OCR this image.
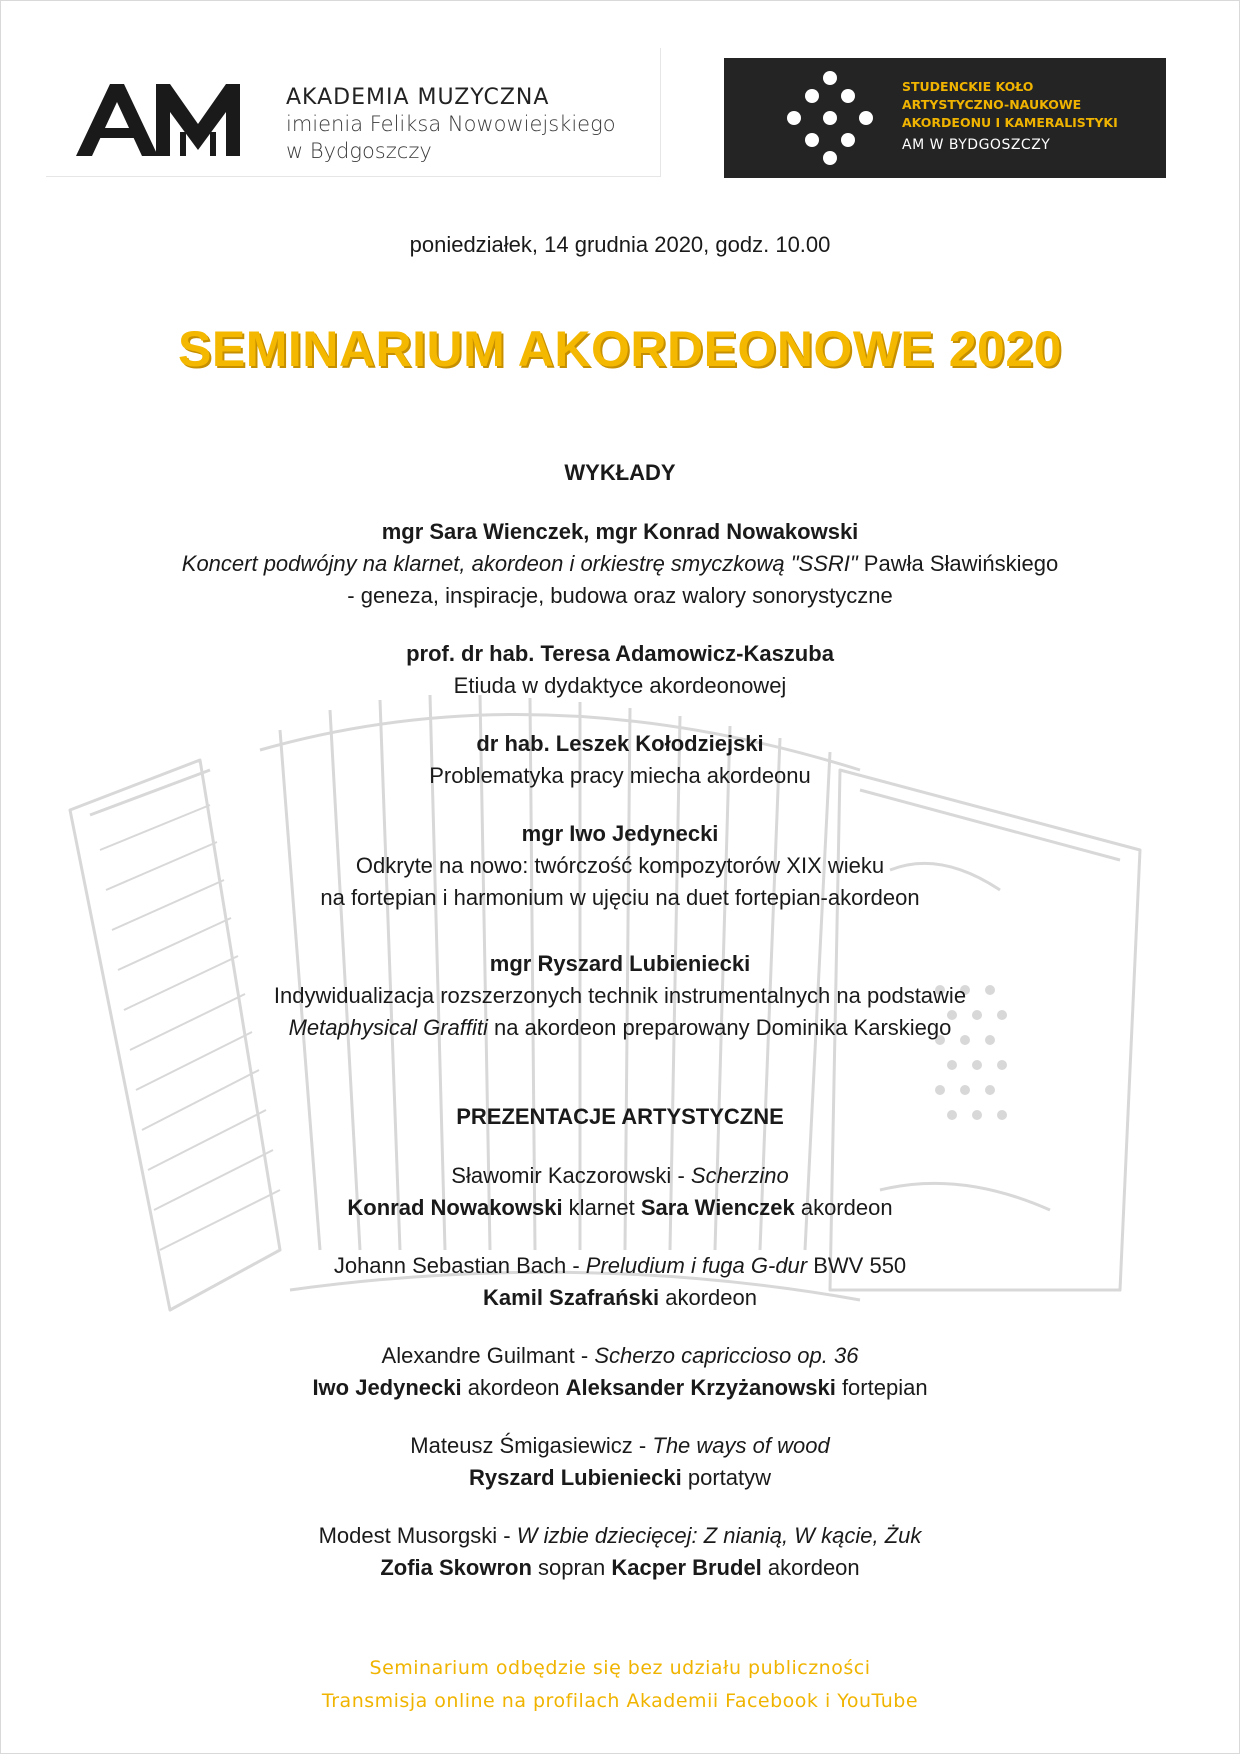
AKADEMIA MUZYCZNA
imienia Feliksa Nowowiejskiego
w Bydgoszczy
STUDENCKIE KOŁO
ARTYSTYCZNO-NAUKOWE
AKORDEONU I KAMERALISTYKI
AM W BYDGOSZCZY
poniedziałek, 14 grudnia 2020, godz. 10.00
SEMINARIUM AKORDEONOWE 2020
WYKŁADY
mgr Sara Wienczek, mgr Konrad Nowakowski
Koncert podwójny na klarnet, akordeon i orkiestrę smyczkową "SSRI" Pawła Sławińskiego
- geneza, inspiracje, budowa oraz walory sonorystyczne
prof. dr hab. Teresa Adamowicz-Kaszuba
Etiuda w dydaktyce akordeonowej
dr hab. Leszek Kołodziejski
Problematyka pracy miecha akordeonu
mgr Iwo Jedynecki
Odkryte na nowo: twórczość kompozytorów XIX wieku
na fortepian i harmonium w ujęciu na duet fortepian-akordeon
mgr Ryszard Lubieniecki
Indywidualizacja rozszerzonych technik instrumentalnych na podstawie
Metaphysical Graffiti na akordeon preparowany Dominika Karskiego
PREZENTACJE ARTYSTYCZNE
Sławomir Kaczorowski - Scherzino
Konrad Nowakowski klarnet Sara Wienczek akordeon
Johann Sebastian Bach - Preludium i fuga G-dur BWV 550
Kamil Szafrański akordeon
Alexandre Guilmant - Scherzo capriccioso op. 36
Iwo Jedynecki akordeon Aleksander Krzyżanowski fortepian
Mateusz Śmigasiewicz - The ways of wood
Ryszard Lubieniecki portatyw
Modest Musorgski - W izbie dziecięcej: Z nianią, W kącie, Żuk
Zofia Skowron sopran Kacper Brudel akordeon
Seminarium odbędzie się bez udziału publiczności
Transmisja online na profilach Akademii Facebook i YouTube
